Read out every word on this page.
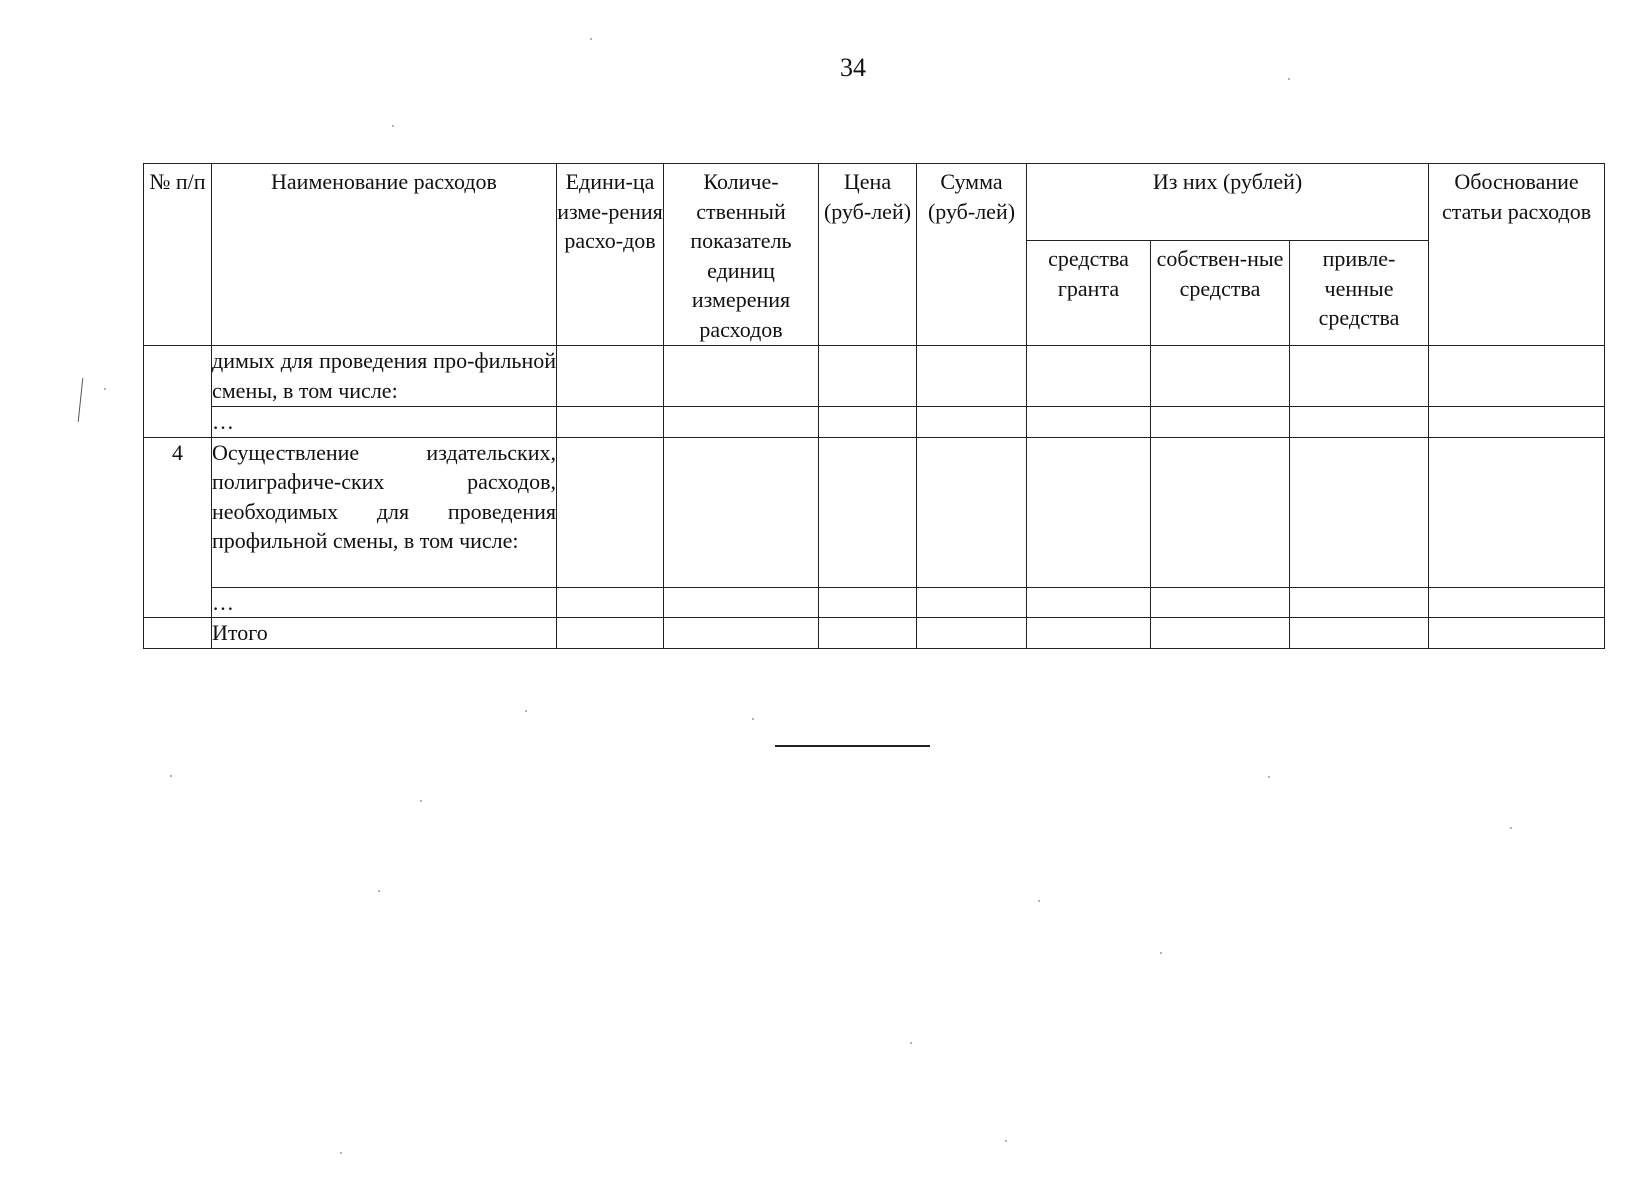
34
№ п/п	Наименование расходов	Едини-ца изме-рения расхо-дов	Количе-ственный показатель единиц измерения расходов	Цена (руб-лей)	Сумма (руб-лей)	Из них (рублей)			Обоснование статьи расходов
						средства гранта	собствен-ные средства	привле-ченные средства	
	димых для проведения про-фильной смены, в том числе:								
	…								
4	Осуществление издательских, полиграфиче-ских расходов, необходимых для проведения профильной смены, в том числе:								
	…								
	Итого								
